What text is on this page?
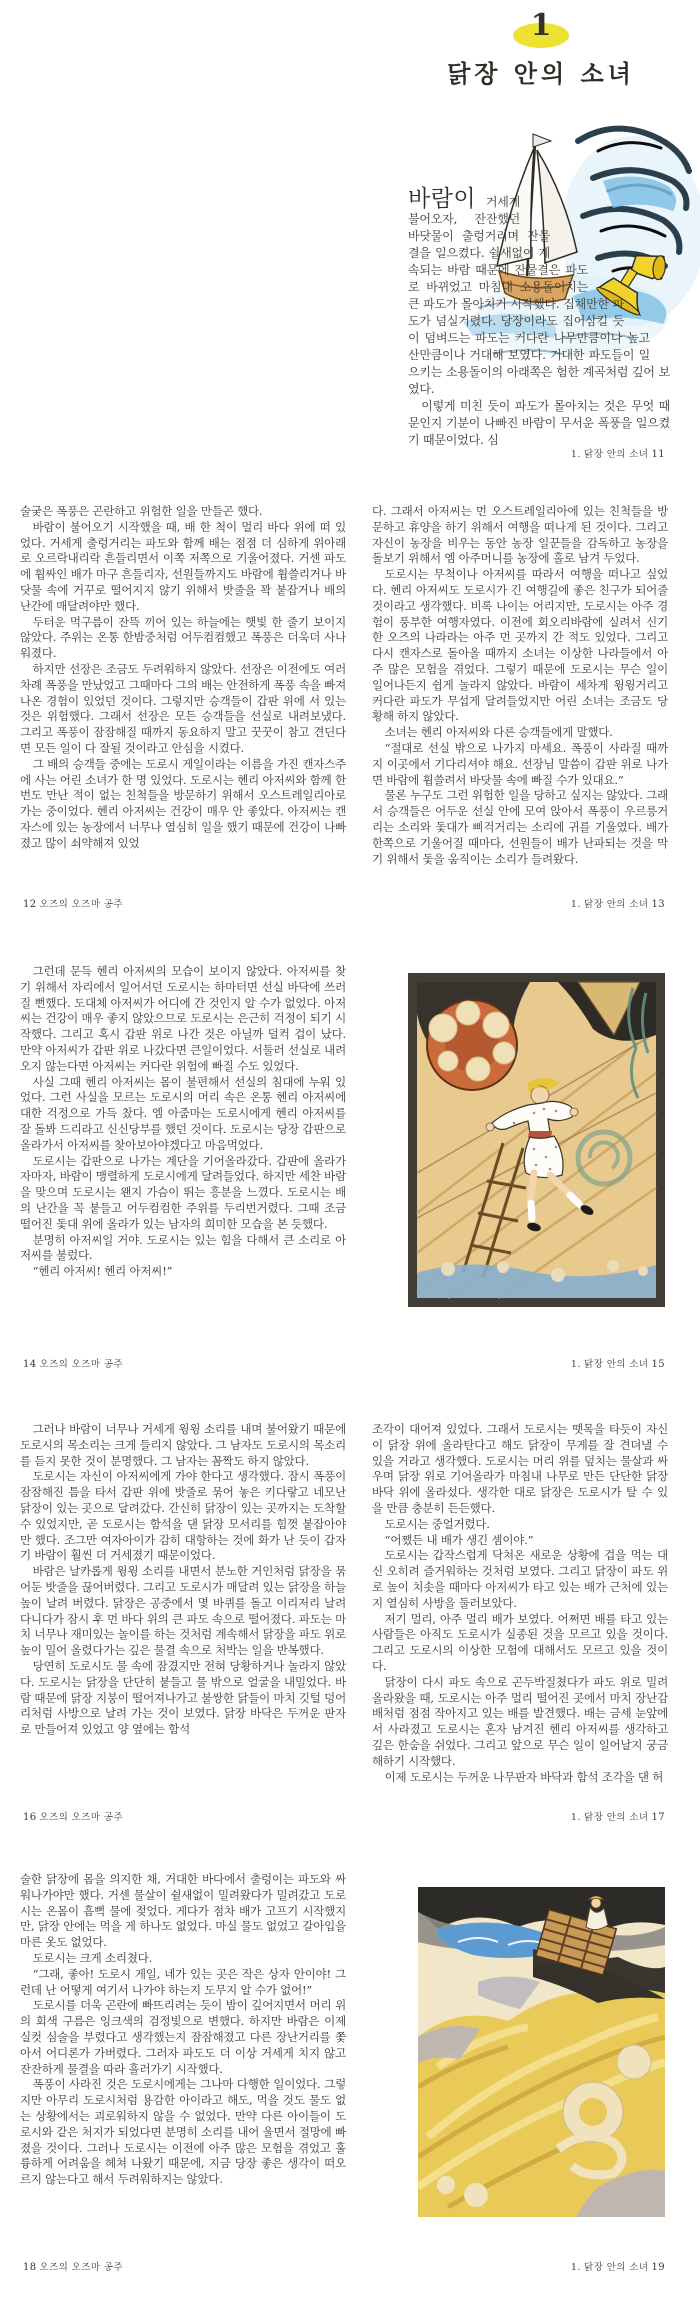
1
닭장 안의 소녀

바람이 거세게 불어오자, 잔잔했던 바닷물이 출렁거리며 잔물결을 일으켰다. 쉴새없이 계속되는 바람 때문에 잔물결은 파도로 바뀌었고 마침내 소용돌이치는 큰 파도가 몰아치기 시작했다. 집채만한 파도가 넘실거렸다. 당장이라도 집어삼킬 듯이 덤벼드는 파도는 커다란 나무만큼이나 높고 산만큼이나 거대해 보였다. 거대한 파도들이 일으키는 소용돌이의 아래쪽은 험한 계곡처럼 깊어 보였다.

이렇게 미친 듯이 파도가 몰아치는 것은 무엇 때문인지 기분이 나빠진 바람이 무서운 폭풍을 일으켰기 때문이었다. 심

1. 닭장 안의 소녀 11

술궂은 폭풍은 곤란하고 위험한 일을 만들곤 했다.

바람이 불어오기 시작했을 때, 배 한 척이 멀리 바다 위에 떠 있었다. 거세게 출렁거리는 파도와 함께 배는 점점 더 심하게 위아래로 오르락내리락 흔들리면서 이쪽 저쪽으로 기울어졌다. 거센 파도에 휩싸인 배가 마구 흔들리자, 선원들까지도 바람에 휩쓸리거나 바닷물 속에 거꾸로 떨어지지 않기 위해서 밧줄을 꽉 붙잡거나 배의 난간에 매달려야만 했다.

두터운 먹구름이 잔뜩 끼어 있는 하늘에는 햇빛 한 줄기 보이지 않았다. 주위는 온통 한밤중처럼 어두컴컴했고 폭풍은 더욱더 사나워졌다.

하지만 선장은 조금도 두려워하지 않았다. 선장은 이전에도 여러 차례 폭풍을 만났었고 그때마다 그의 배는 안전하게 폭풍 속을 빠져나온 경험이 있었던 것이다. 그렇지만 승객들이 갑판 위에 서 있는 것은 위험했다. 그래서 선장은 모든 승객들을 선실로 내려보냈다. 그리고 폭풍이 잠잠해질 때까지 동요하지 말고 꿋꿋이 참고 견딘다면 모든 일이 다 잘될 것이라고 안심을 시켰다.

그 배의 승객들 중에는 도로시 게일이라는 이름을 가진 캔자스주에 사는 어린 소녀가 한 명 있었다. 도로시는 헨리 아저씨와 함께 한번도 만난 적이 없는 친척들을 방문하기 위해서 오스트레일리아로 가는 중이었다. 헨리 아저씨는 건강이 매우 안 좋았다. 아저씨는 캔자스에 있는 농장에서 너무나 열심히 일을 했기 때문에 건강이 나빠졌고 많이 쇠약해져 있었

다. 그래서 아저씨는 먼 오스트레일리아에 있는 친척들을 방문하고 휴양을 하기 위해서 여행을 떠나게 된 것이다. 그리고 자신이 농장을 비우는 동안 농장 일꾼들을 감독하고 농장을 돌보기 위해서 엠 아주머니를 농장에 홀로 남겨 두었다.

도로시는 무척이나 아저씨를 따라서 여행을 떠나고 싶었다. 헨리 아저씨도 도로시가 긴 여행길에 좋은 친구가 되어줄 것이라고 생각했다. 비록 나이는 어리지만, 도로시는 아주 경험이 풍부한 여행자였다. 이전에 회오리바람에 실려서 신기한 오즈의 나라라는 아주 먼 곳까지 간 적도 있었다. 그리고 다시 캔자스로 돌아올 때까지 소녀는 이상한 나라들에서 아주 많은 모험을 겪었다. 그렇기 때문에 도로시는 무슨 일이 일어나든지 쉽게 놀라지 않았다. 바람이 세차게 윙윙거리고 커다란 파도가 무섭게 달려들었지만 어린 소녀는 조금도 당황해 하지 않았다.

소녀는 헨리 아저씨와 다른 승객들에게 말했다.

“절대로 선실 밖으로 나가지 마세요. 폭풍이 사라질 때까지 이곳에서 기다리셔야 해요. 선장님 말씀이 갑판 위로 나가면 바람에 휩쓸려서 바닷물 속에 빠질 수가 있대요.”

물론 누구도 그런 위험한 일을 당하고 싶지는 않았다. 그래서 승객들은 어두운 선실 안에 모여 앉아서 폭풍이 우르릉거리는 소리와 돛대가 삐걱거리는 소리에 귀를 기울였다. 배가 한쪽으로 기울어질 때마다, 선원들이 배가 난파되는 것을 막기 위해서 돛을 움직이는 소리가 들려왔다.

12 오즈의 오즈마 공주	1. 닭장 안의 소녀 13

그런데 문득 헨리 아저씨의 모습이 보이지 않았다. 아저씨를 찾기 위해서 자리에서 일어서던 도로시는 하마터면 선실 바닥에 쓰러질 뻔했다. 도대체 아저씨가 어디에 간 것인지 알 수가 없었다. 아저씨는 건강이 매우 좋지 않았으므로 도로시는 은근히 걱정이 되기 시작했다. 그리고 혹시 갑판 위로 나간 것은 아닐까 덜컥 겁이 났다. 만약 아저씨가 갑판 위로 나갔다면 큰일이었다. 서둘러 선실로 내려오지 않는다면 아저씨는 커다란 위험에 빠질 수도 있었다.

사실 그때 헨리 아저씨는 몸이 불편해서 선실의 침대에 누워 있었다. 그런 사실을 모르는 도로시의 머리 속은 온통 헨리 아저씨에 대한 걱정으로 가득 찼다. 엠 아줌마는 도로시에게 헨리 아저씨를 잘 돌봐 드리라고 신신당부를 했던 것이다. 도로시는 당장 갑판으로 올라가서 아저씨를 찾아보아야겠다고 마음먹었다.

도로시는 갑판으로 나가는 계단을 기어올라갔다. 갑판에 올라가자마자, 바람이 맹렬하게 도로시에게 달려들었다. 하지만 세찬 바람을 맞으며 도로시는 왠지 가슴이 뛰는 흥분을 느꼈다. 도로시는 배의 난간을 꼭 붙들고 어두컴컴한 주위를 두리번거렸다. 그때 조금 떨어진 돛대 위에 올라가 있는 남자의 희미한 모습을 본 듯했다.

분명히 아저씨일 거야. 도로시는 있는 힘을 다해서 큰 소리로 아저씨를 불렀다.

“헨리 아저씨! 헨리 아저씨!”

14 오즈의 오즈마 공주	1. 닭장 안의 소녀 15

그러나 바람이 너무나 거세게 윙윙 소리를 내며 불어왔기 때문에 도로시의 목소리는 크게 들리지 않았다. 그 남자도 도로시의 목소리를 듣지 못한 것이 분명했다. 그 남자는 꼼짝도 하지 않았다.

도로시는 자신이 아저씨에게 가야 한다고 생각했다. 잠시 폭풍이 잠잠해진 틈을 타서 갑판 위에 밧줄로 묶어 놓은 키다랗고 네모난 닭장이 있는 곳으로 달려갔다. 간신히 닭장이 있는 곳까지는 도착할 수 있었지만, 곧 도로시는 함석을 댄 닭장 모서리를 힘껏 붙잡아야만 했다. 조그만 여자아이가 감히 대항하는 것에 화가 난 듯이 갑자기 바람이 훨씬 더 거세졌기 때문이었다.

바람은 날카롭게 윙윙 소리를 내면서 분노한 거인처럼 닭장을 묶어둔 밧줄을 끊어버렸다. 그리고 도로시가 매달려 있는 닭장을 하늘 높이 날려 버렸다. 닭장은 공중에서 몇 바퀴를 돌고 이리저리 날려 다니다가 잠시 후 먼 바다 위의 큰 파도 속으로 떨어졌다. 파도는 마치 너무나 재미있는 놀이를 하는 것처럼 계속해서 닭장을 파도 위로 높이 밀어 올렸다가는 깊은 물결 속으로 처박는 일을 반복했다.

당연히 도로시도 물 속에 잠겼지만 전혀 당황하거나 놀라지 않았다. 도로시는 닭장을 단단히 붙들고 물 밖으로 얼굴을 내밀었다. 바람 때문에 닭장 지붕이 떨어져나가고 불쌍한 닭들이 마치 깃털 덩어리처럼 사방으로 날려 가는 것이 보였다. 닭장 바닥은 두꺼운 판자로 만들어져 있었고 양 옆에는 함석

조각이 대어져 있었다. 그래서 도로시는 뗏목을 타듯이 자신이 닭장 위에 올라탄다고 해도 닭장이 무게를 잘 견뎌낼 수 있을 거라고 생각했다. 도로시는 머리 위를 덮치는 물살과 싸우며 닭장 위로 기어올라가 마침내 나무로 만든 단단한 닭장 바닥 위에 올라섰다. 생각한 대로 닭장은 도로시가 탈 수 있을 만큼 충분히 든든했다.

도로시는 중얼거렸다.

“어쨌든 내 배가 생긴 셈이야.”

도로시는 갑작스럽게 닥쳐온 새로운 상황에 겁을 먹는 대신 오히려 즐거워하는 것처럼 보였다. 그리고 닭장이 파도 위로 높이 치솟을 때마다 아저씨가 타고 있는 배가 근처에 있는지 열심히 사방을 둘러보았다.

저기 멀리, 아주 멀리 배가 보였다. 어쩌면 배를 타고 있는 사람들은 아직도 도로시가 실종된 것을 모르고 있을 것이다. 그리고 도로시의 이상한 모험에 대해서도 모르고 있을 것이다.

닭장이 다시 파도 속으로 곤두박질쳤다가 파도 위로 밀려 올라왔을 때, 도로시는 아주 멀리 떨어진 곳에서 마치 장난감 배처럼 점점 작아지고 있는 배를 발견했다. 배는 금세 눈앞에서 사라졌고 도로시는 혼자 남겨진 헨리 아저씨를 생각하고 깊은 한숨을 쉬었다. 그리고 앞으로 무슨 일이 일어날지 궁금해하기 시작했다.

이제 도로시는 두꺼운 나무판자 바닥과 함석 조각을 댄 허

16 오즈의 오즈마 공주	1. 닭장 안의 소녀 17

술한 닭장에 몸을 의지한 채, 거대한 바다에서 출렁이는 파도와 싸워나가야만 했다. 거센 물살이 쉴새없이 밀려왔다가 밀려갔고 도로시는 온몸이 흠뻑 물에 젖었다. 게다가 점차 배가 고프기 시작했지만, 닭장 안에는 먹을 게 하나도 없었다. 마실 물도 없었고 갈아입을 마른 옷도 없었다.

도로시는 크게 소리쳤다.

“그래, 좋아! 도로시 게일, 네가 있는 곳은 작은 상자 안이야! 그런데 난 어떻게 여기서 나가야 하는지 도무지 알 수가 없어!”

도로시를 더욱 곤란에 빠뜨리려는 듯이 밤이 깊어지면서 머리 위의 회색 구름은 잉크색의 검정빛으로 변했다. 하지만 바람은 이제 실컷 심술을 부렸다고 생각했는지 잠잠해졌고 다른 장난거리를 쫓아서 어디론가 가버렸다. 그러자 파도도 더 이상 거세게 치지 않고 잔잔하게 물결을 따라 흘러가기 시작했다.

폭풍이 사라진 것은 도로시에게는 그나마 다행한 일이었다. 그렇지만 아무리 도로시처럼 용감한 아이라고 해도, 먹을 것도 물도 없는 상황에서는 괴로워하지 않을 수 없었다. 만약 다른 아이들이 도로시와 같은 처지가 되었다면 분명히 소리를 내어 울면서 절망에 빠졌을 것이다. 그러나 도로시는 이전에 아주 많은 모험을 겪었고 훌륭하게 어려움을 헤쳐 나왔기 때문에, 지금 당장 좋은 생각이 떠오르지 않는다고 해서 두려워하지는 않았다.

18 오즈의 오즈마 공주	1. 닭장 안의 소녀 19
